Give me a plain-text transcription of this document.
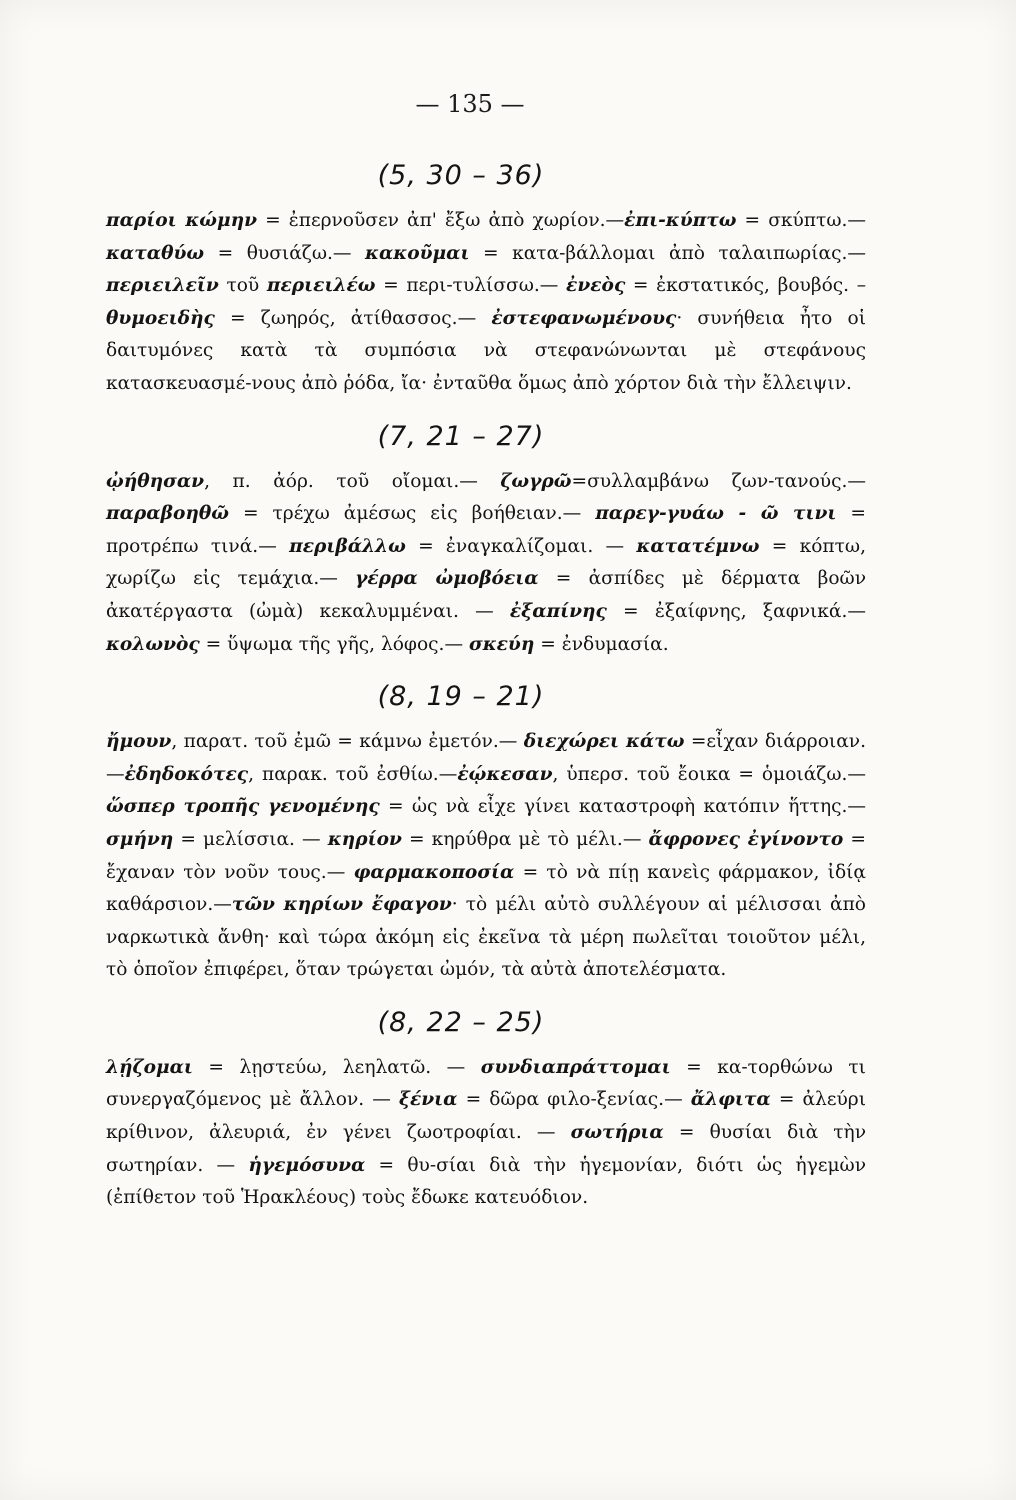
— 135 —
(5, 30 – 36)

παρίοι κώμην = ἐπερνοῦσεν ἀπ' ἔξω ἀπὸ χωρίον.—ἐπι-κύπτω = σκύπτω.—καταθύω = θυσιάζω.— κακοῦμαι = κατα-βάλλομαι ἀπὸ ταλαιπωρίας.— περιειλεῖν τοῦ περιειλέω = περι-τυλίσσω.— ἐνεὸς = ἐκστατικός, βουβός. – θυμοειδὴς = ζωηρός, ἀτίθασσος.— ἐστεφανωμένους· συνήθεια ἦτο οἱ δαιτυμόνες κατὰ τὰ συμπόσια νὰ στεφανώνωνται μὲ στεφάνους κατασκευασμέ-νους ἀπὸ ῥόδα, ἴα· ἐνταῦθα ὅμως ἀπὸ χόρτον διὰ τὴν ἔλλειψιν.

(7, 21 – 27)

ᾠήθησαν, π. ἀόρ. τοῦ οἴομαι.— ζωγρῶ=συλλαμβάνω ζων-τανούς.— παραβοηθῶ = τρέχω ἀμέσως εἰς βοήθειαν.— παρεγ-γυάω - ῶ τινι = προτρέπω τινά.— περιβάλλω = ἐναγκαλίζομαι. — κατατέμνω = κόπτω, χωρίζω εἰς τεμάχια.— γέρρα ὠμοβόεια = ἀσπίδες μὲ δέρματα βοῶν ἀκατέργαστα (ὠμὰ) κεκαλυμμέναι. — ἐξαπίνης = ἐξαίφνης, ξαφνικά.— κολωνὸς = ὕψωμα τῆς γῆς, λόφος.— σκεύη = ἐνδυμασία.

(8, 19 – 21)

ἤμουν, παρατ. τοῦ ἐμῶ = κάμνω ἐμετόν.— διεχώρει κάτω =εἶχαν διάρροιαν.—ἐδηδοκότες, παρακ. τοῦ ἐσθίω.—ἐῴκεσαν, ὑπερσ. τοῦ ἔοικα = ὁμοιάζω.— ὥσπερ τροπῆς γενομένης = ὡς νὰ εἶχε γίνει καταστροφὴ κατόπιν ἥττης.— σμήνη = μελίσσια. — κηρίον = κηρύθρα μὲ τὸ μέλι.— ἄφρονες ἐγίνοντο = ἔχαναν τὸν νοῦν τους.— φαρμακοποσία = τὸ νὰ πίῃ κανεὶς φάρμακον, ἰδίᾳ καθάρσιον.—τῶν κηρίων ἔφαγον· τὸ μέλι αὐτὸ συλλέγουν αἱ μέλισσαι ἀπὸ ναρκωτικὰ ἄνθη· καὶ τώρα ἀκόμη εἰς ἐκεῖνα τὰ μέρη πωλεῖται τοιοῦτον μέλι, τὸ ὁποῖον ἐπιφέρει, ὅταν τρώγεται ὠμόν, τὰ αὐτὰ ἀποτελέσματα.

(8, 22 – 25)

λῄζομαι = λῃστεύω, λεηλατῶ. — συνδιαπράττομαι = κα-τορθώνω τι συνεργαζόμενος μὲ ἄλλον. — ξένια = δῶρα φιλο-ξενίας.— ἄλφιτα = ἀλεύρι κρίθινον, ἀλευριά, ἐν γένει ζωοτροφίαι. — σωτήρια = θυσίαι διὰ τὴν σωτηρίαν. — ἡγεμόσυνα = θυ-σίαι διὰ τὴν ἡγεμονίαν, διότι ὡς ἡγεμὼν (ἐπίθετον τοῦ Ἡρακλέους) τοὺς ἔδωκε κατευόδιον.
